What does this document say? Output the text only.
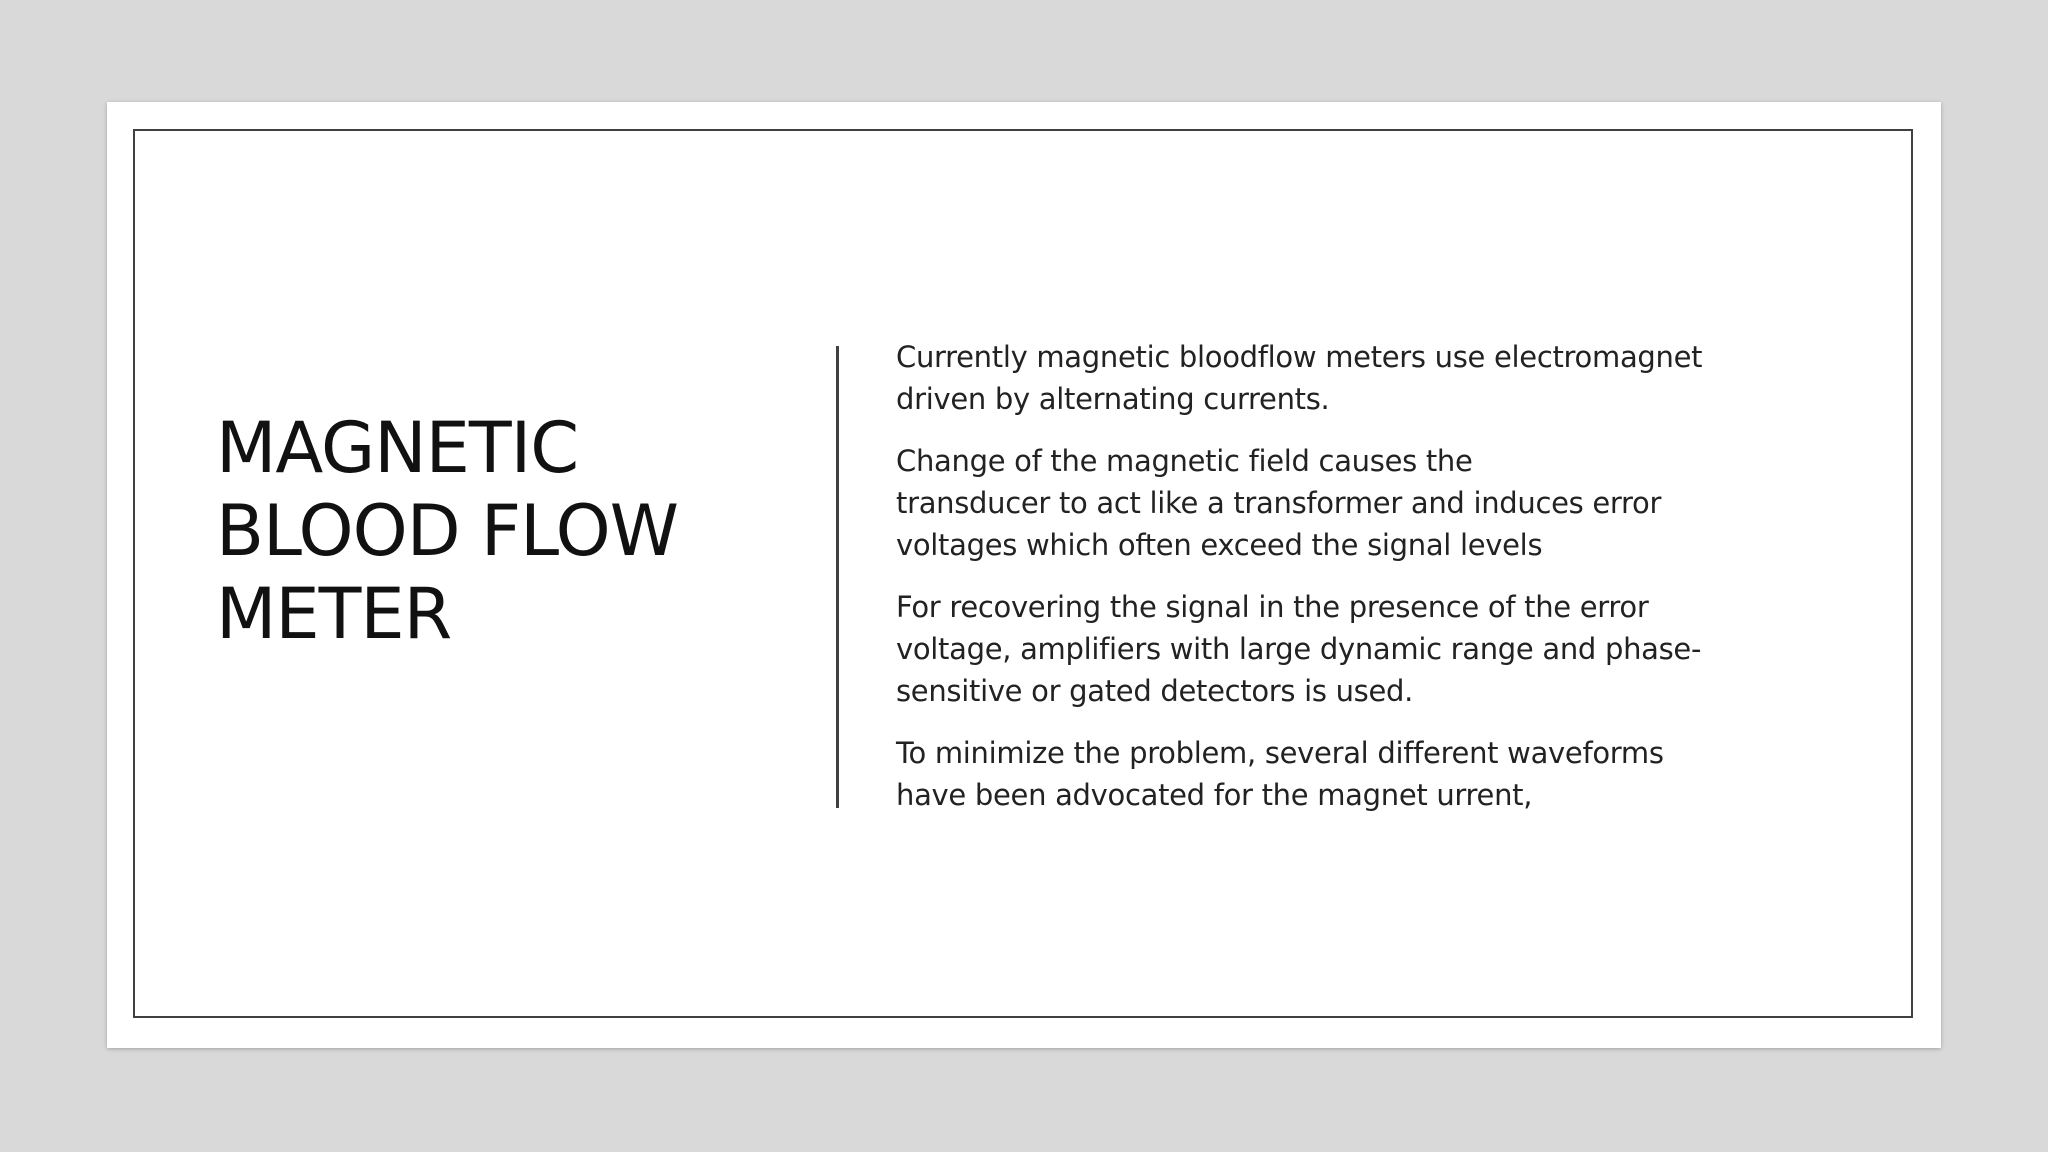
MAGNETIC
BLOOD FLOW
METER

Currently magnetic bloodflow meters use electromagnet
driven by alternating currents.

Change of the magnetic field causes the
transducer to act like a transformer and induces error
voltages which often exceed the signal levels

For recovering the signal in the presence of the error
voltage, amplifiers with large dynamic range and phase-
sensitive or gated detectors is used.

To minimize the problem, several different waveforms
have been advocated for the magnet urrent,
